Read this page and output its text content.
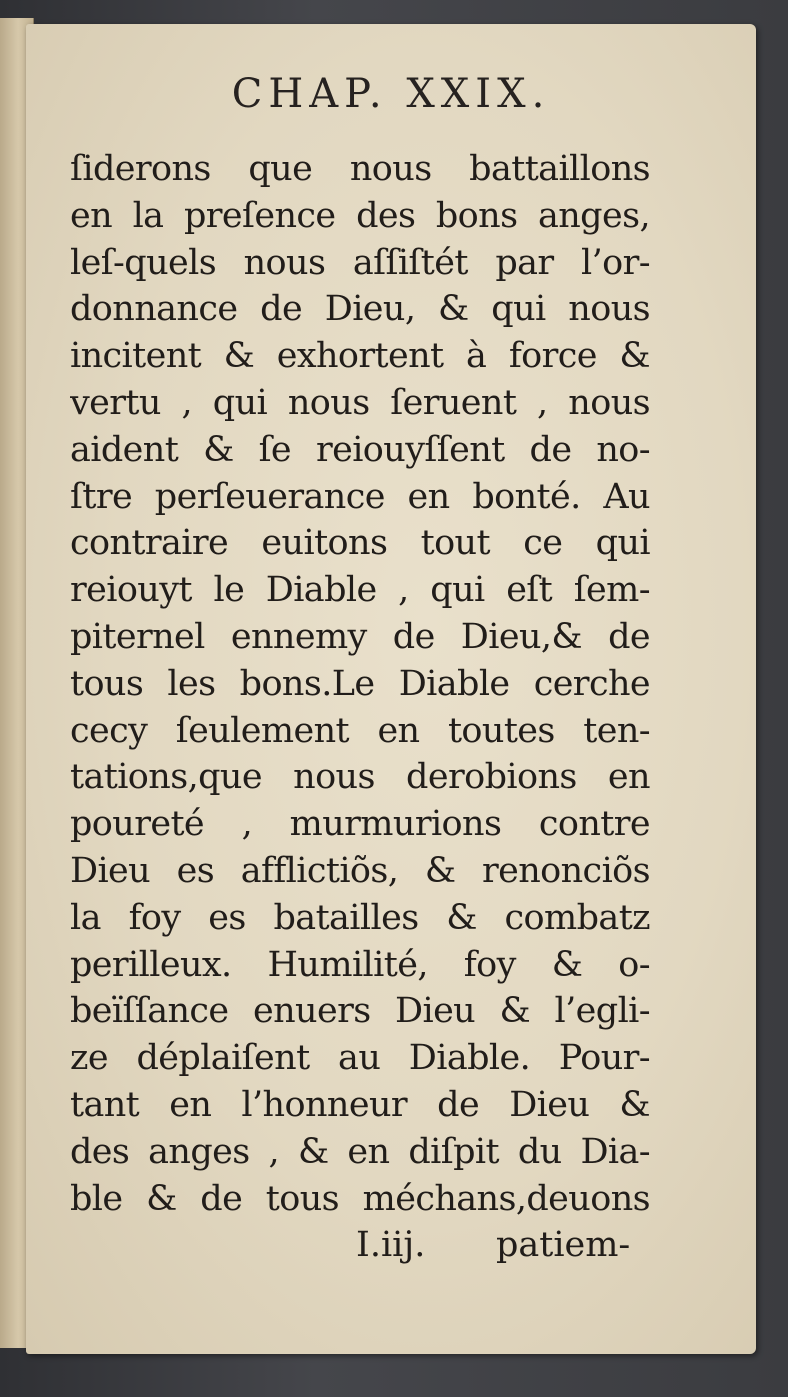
CHAP. XXIX.
ſiderons que nous battaillons
en la preſence des bons anges,
leſ-quels nous aſſiſtét par l’or-
donnance de Dieu, & qui nous
incitent & exhortent à force &
vertu , qui nous ſeruent , nous
aident & ſe reiouyſſent de no-
ſtre perſeuerance en bonté. Au
contraire euitons tout ce qui
reiouyt le Diable , qui eſt ſem-
piternel ennemy de Dieu,& de
tous les bons.Le Diable cerche
cecy ſeulement en toutes ten-
tations,que nous derobions en
poureté , murmurions contre
Dieu es afflictiõs, & renonciõs
la foy es batailles & combatz
perilleux. Humilité, foy & o-
beïſſance enuers Dieu & l’egli-
ze déplaiſent au Diable. Pour-
tant en l’honneur de Dieu &
des anges , & en diſpit du Dia-
ble & de tous méchans,deuons
I.iij. patiem-
